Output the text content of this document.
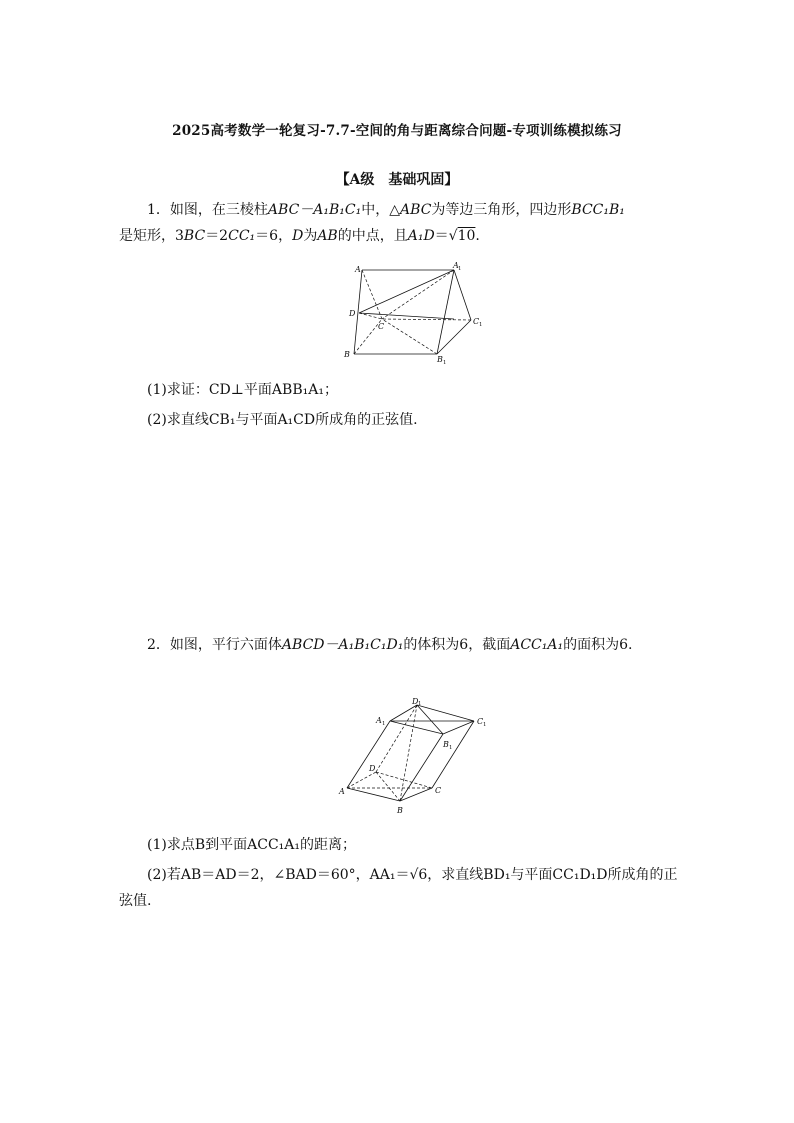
2025高考数学一轮复习-7.7-空间的角与距离综合问题-专项训练模拟练习
【A级　基础巩固】
1．如图，在三棱柱ABC－A₁B₁C₁中，△ABC为等边三角形，四边形BCC₁B₁
是矩形，3BC＝2CC₁＝6，D为AB的中点，且A₁D＝√10.
A	A 1
D
C
C 1
B
B 1
(1)求证：CD⊥平面ABB₁A₁；
(2)求直线CB₁与平面A₁CD所成角的正弦值.
2．如图，平行六面体ABCD－A₁B₁C₁D₁的体积为6，截面ACC₁A₁的面积为6.
D 1
A 1	C 1
B 1
D
A	C
B
(1)求点B到平面ACC₁A₁的距离；
(2)若AB＝AD＝2，∠BAD＝60°，AA₁＝√6，求直线BD₁与平面CC₁D₁D所成角的正弦值.
